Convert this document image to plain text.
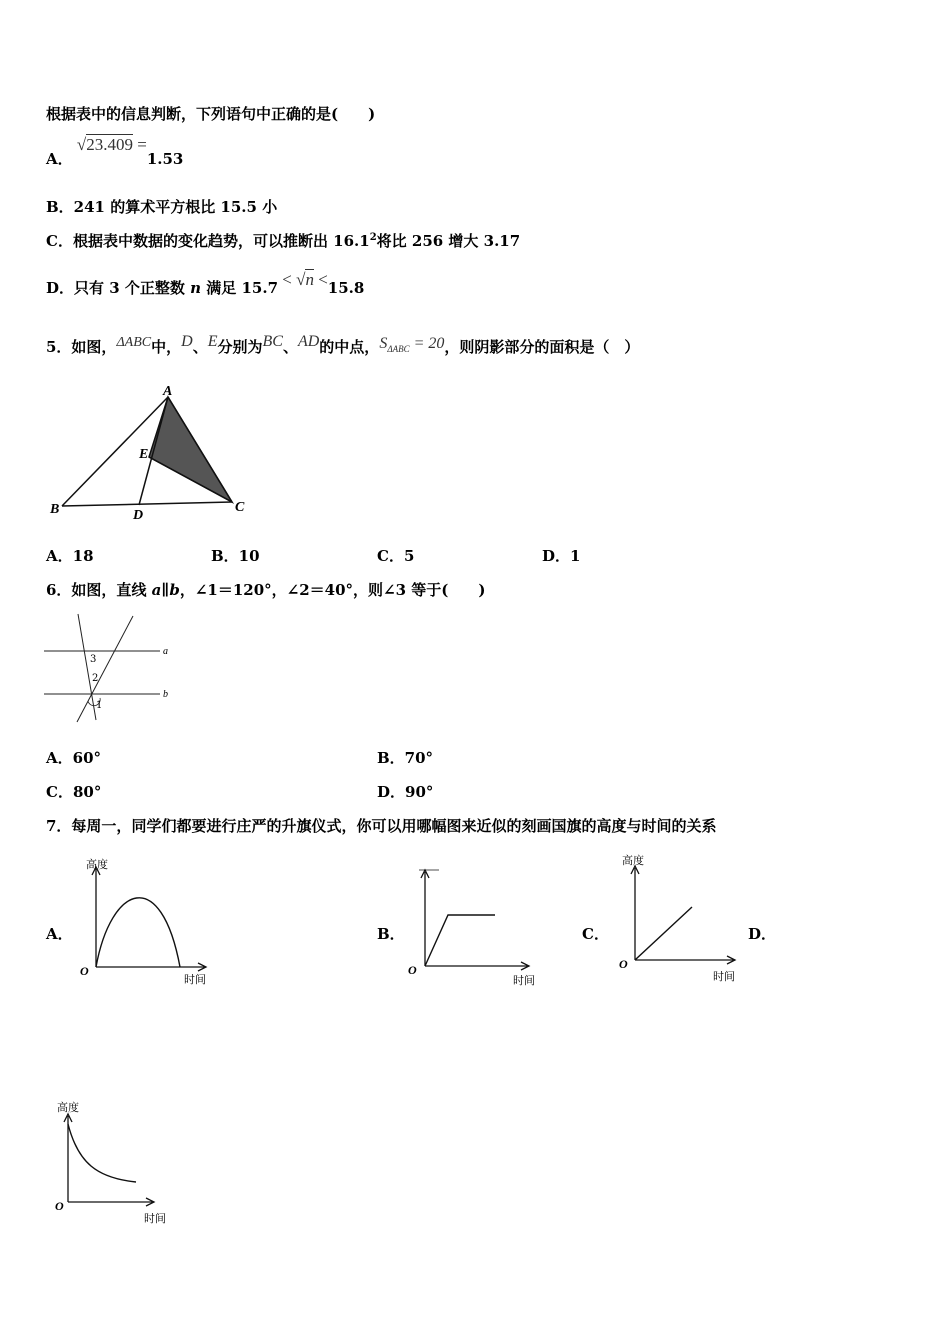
根据表中的信息判断，下列语句中正确的是(　　)
A． √23.409 =1.53
B．241 的算术平方根比 15.5 小
C．根据表中数据的变化趋势，可以推断出 16.1$^2$将比 256 增大 3.17
D．只有 3 个正整数 n 满足 15.7 < √n <15.8
5．如图，ΔABC中，D、E分别为BC、AD的中点，$S_{\Delta ABC} = 20$，则阴影部分的面积是（　）
A
B	C
D
E
A．18	B．10	C．5	D．1
6．如图，直线 a∥b，∠1＝120°，∠2＝40°，则∠3 等于(　　)
a
b
1
2
3
A．60°	B．70°
C．80°	D．90°
7．每周一，同学们都要进行庄严的升旗仪式，你可以用哪幅图来近似的刻画国旗的高度与时间的关系
A．	B．	C．	D．
高度
时间
O
时间
O
高度
时间
O
高度
时间
O
